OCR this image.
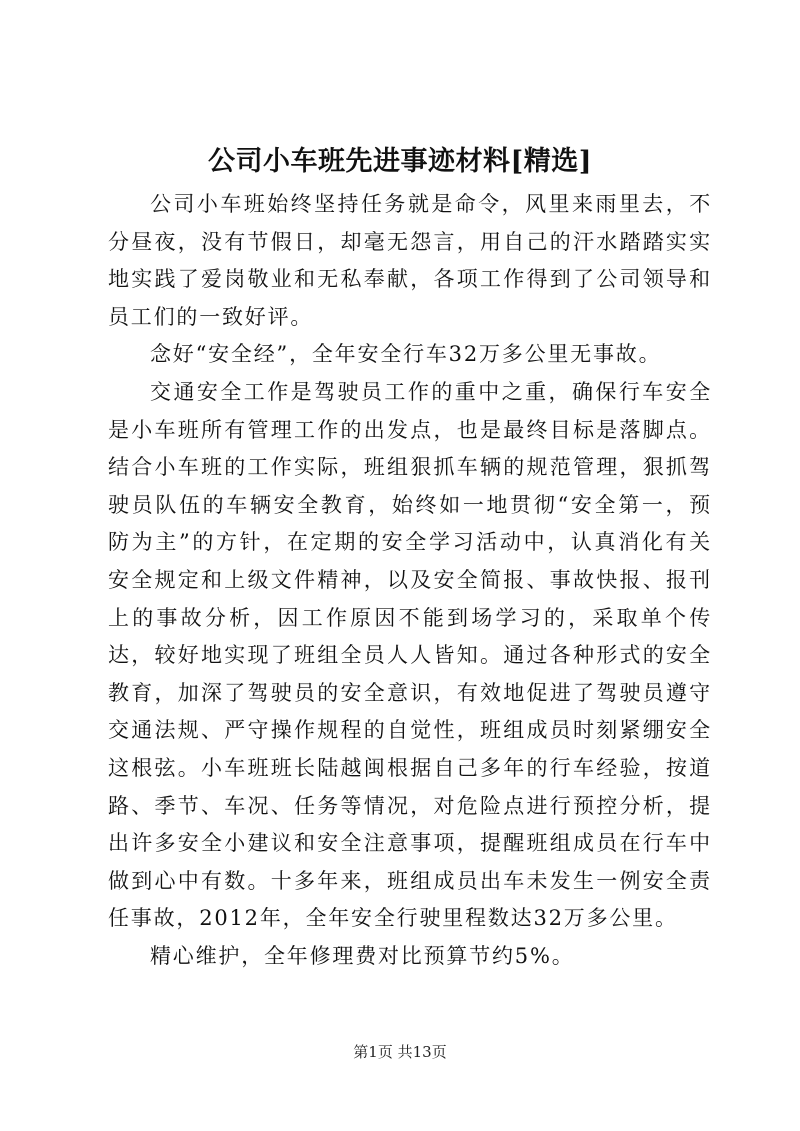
公司小车班先进事迹材料[精选]

公司小车班始终坚持任务就是命令，风里来雨里去，不分昼夜，没有节假日，却毫无怨言，用自己的汗水踏踏实实地实践了爱岗敬业和无私奉献，各项工作得到了公司领导和员工们的一致好评。

念好“安全经”，全年安全行车32万多公里无事故。

交通安全工作是驾驶员工作的重中之重，确保行车安全是小车班所有管理工作的出发点，也是最终目标是落脚点。结合小车班的工作实际，班组狠抓车辆的规范管理，狠抓驾驶员队伍的车辆安全教育，始终如一地贯彻“安全第一，预防为主”的方针，在定期的安全学习活动中，认真消化有关安全规定和上级文件精神，以及安全简报、事故快报、报刊上的事故分析，因工作原因不能到场学习的，采取单个传达，较好地实现了班组全员人人皆知。通过各种形式的安全教育，加深了驾驶员的安全意识，有效地促进了驾驶员遵守交通法规、严守操作规程的自觉性，班组成员时刻紧绷安全这根弦。小车班班长陆越闽根据自己多年的行车经验，按道路、季节、车况、任务等情况，对危险点进行预控分析，提出许多安全小建议和安全注意事项，提醒班组成员在行车中做到心中有数。十多年来，班组成员出车未发生一例安全责任事故，2012年，全年安全行驶里程数达32万多公里。

精心维护，全年修理费对比预算节约5%。

第1页 共13页
